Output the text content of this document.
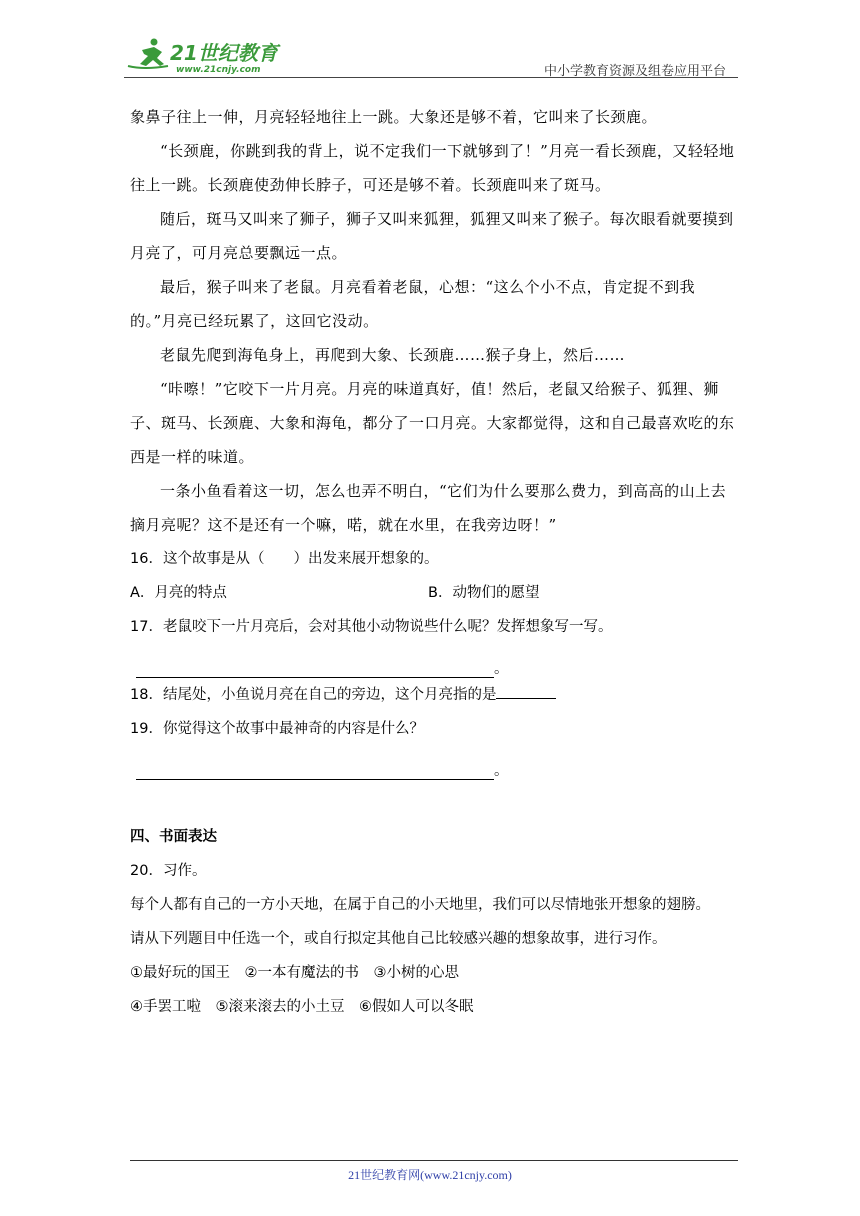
21世纪教育
www.21cnjy.com	中小学教育资源及组卷应用平台

象鼻子往上一伸，月亮轻轻地往上一跳。大象还是够不着，它叫来了长颈鹿。

“长颈鹿，你跳到我的背上，说不定我们一下就够到了！”月亮一看长颈鹿，又轻轻地往上一跳。长颈鹿使劲伸长脖子，可还是够不着。长颈鹿叫来了斑马。

随后，斑马又叫来了狮子，狮子又叫来狐狸，狐狸又叫来了猴子。每次眼看就要摸到月亮了，可月亮总要飘远一点。

最后，猴子叫来了老鼠。月亮看着老鼠，心想：“这么个小不点，肯定捉不到我的。”月亮已经玩累了，这回它没动。

老鼠先爬到海龟身上，再爬到大象、长颈鹿……猴子身上，然后……

“咔嚓！”它咬下一片月亮。月亮的味道真好，值！然后，老鼠又给猴子、狐狸、狮子、斑马、长颈鹿、大象和海龟，都分了一口月亮。大家都觉得，这和自己最喜欢吃的东西是一样的味道。

一条小鱼看着这一切，怎么也弄不明白，“它们为什么要那么费力，到高高的山上去摘月亮呢？这不是还有一个嘛，喏，就在水里，在我旁边呀！”

16．这个故事是从（　　）出发来展开想象的。

A．月亮的特点	B．动物们的愿望

17．老鼠咬下一片月亮后，会对其他小动物说些什么呢？发挥想象写一写。

。

18．结尾处，小鱼说月亮在自己的旁边，这个月亮指的是

19．你觉得这个故事中最神奇的内容是什么？

。
四、书面表达

20．习作。

每个人都有自己的一方小天地，在属于自己的小天地里，我们可以尽情地张开想象的翅膀。

请从下列题目中任选一个，或自行拟定其他自己比较感兴趣的想象故事，进行习作。

①最好玩的国王　②一本有魔法的书　③小树的心思

④手罢工啦　⑤滚来滚去的小土豆　⑥假如人可以冬眠

21世纪教育网(www.21cnjy.com)
